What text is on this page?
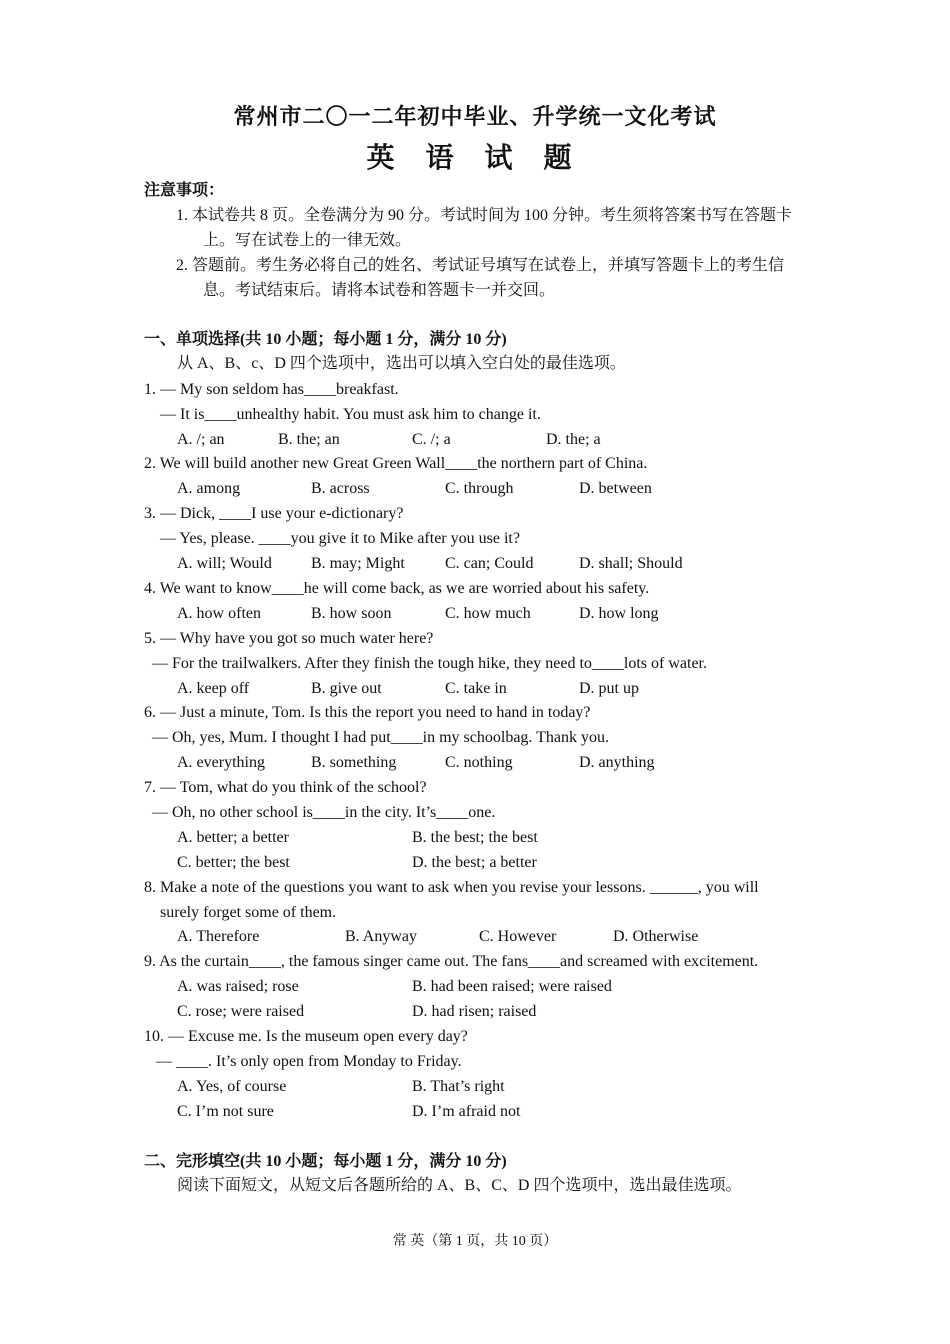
常州市二〇一二年初中毕业、升学统一文化考试
英 语 试 题
注意事项：
1. 本试卷共 8 页。全卷满分为 90 分。考试时间为 100 分钟。考生须将答案书写在答题卡
上。写在试卷上的一律无效。
2. 答题前。考生务必将自己的姓名、考试证号填写在试卷上，并填写答题卡上的考生信
息。考试结束后。请将本试卷和答题卡一并交回。
一、单项选择(共 10 小题；每小题 1 分，满分 10 分)
从 A、B、c、D 四个选项中，选出可以填入空白处的最佳选项。
1. — My son seldom has____breakfast.
— It is____unhealthy habit. You must ask him to change it.
A. /; an	B. the; an	C. /; a	D. the; a
2. We will build another new Great Green Wall____the northern part of China.
A. among	B. across	C. through	D. between
3. — Dick, ____I use your e-dictionary?
— Yes, please. ____you give it to Mike after you use it?
A. will; Would B. may; Might	C. can; Could	D. shall; Should
4. We want to know____he will come back, as we are worried about his safety.
A. how often	B. how soon	C. how much	D. how long
5. — Why have you got so much water here?
— For the trailwalkers. After they finish the tough hike, they need to____lots of water.
A. keep off	B. give out	C. take in	D. put up
6. — Just a minute, Tom. Is this the report you need to hand in today?
— Oh, yes, Mum. I thought I had put____in my schoolbag. Thank you.
A. everything	B. something	C. nothing	D. anything
7. — Tom, what do you think of the school?
— Oh, no other school is____in the city. It’s____one.
A. better; a better	B. the best; the best
C. better; the best	D. the best; a better
8. Make a note of the questions you want to ask when you revise your lessons. ______, you will
surely forget some of them.
A. Therefore	B. Anyway	C. However	D. Otherwise
9. As the curtain____, the famous singer came out. The fans____and screamed with excitement.
A. was raised; rose	B. had been raised; were raised
C. rose; were raised	D. had risen; raised
10. — Excuse me. Is the museum open every day?
— ____. It’s only open from Monday to Friday.
A. Yes, of course	B. That’s right
C. I’m not sure	D. I’m afraid not
二、完形填空(共 10 小题；每小题 1 分，满分 10 分)
阅读下面短文，从短文后各题所给的 A、B、C、D 四个选项中，选出最佳选项。
常 英（第 1 页，共 10 页）
